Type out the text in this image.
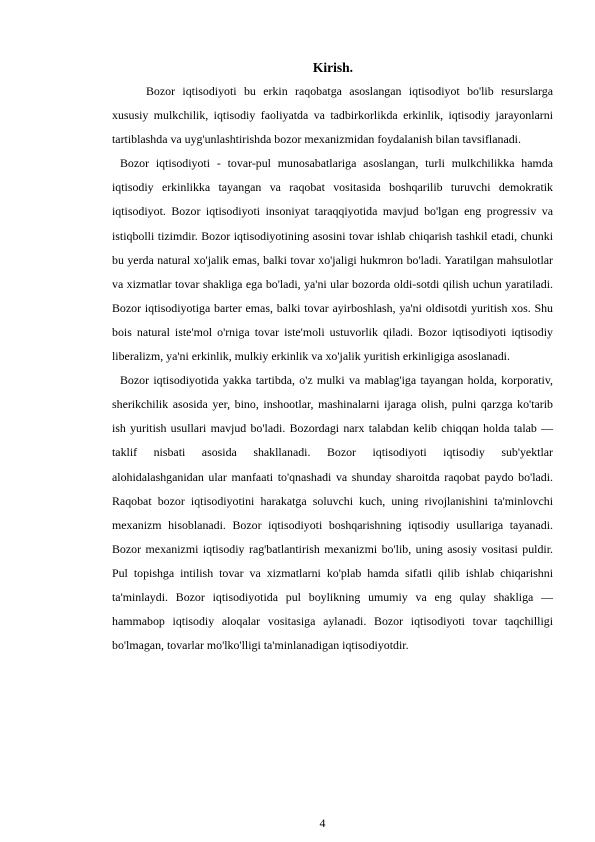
Kirish.

Bozor iqtisodiyoti bu erkin raqobatga asoslangan iqtisodiyot bo'lib resurslarga xususiy mulkchilik, iqtisodiy faoliyatda va tadbirkorlikda erkinlik, iqtisodiy jarayonlarni tartiblashda va uyg'unlashtirishda bozor mexanizmidan foydalanish bilan tavsiflanadi.

Bozor iqtisodiyoti - tovar-pul munosabatlariga asoslangan, turli mulkchilikka hamda iqtisodiy erkinlikka tayangan va raqobat vositasida boshqarilib turuvchi demokratik iqtisodiyot. Bozor iqtisodiyoti insoniyat taraqqiyotida mavjud bo'lgan eng progressiv va istiqbolli tizimdir. Bozor iqtisodiyotining asosini tovar ishlab chiqarish tashkil etadi, chunki bu yerda natural xo'jalik emas, balki tovar xo'jaligi hukmron bo'ladi. Yaratilgan mahsulotlar va xizmatlar tovar shakliga ega bo'ladi, ya'ni ular bozorda oldi-sotdi qilish uchun yaratiladi. Bozor iqtisodiyotiga barter emas, balki tovar ayirboshlash, ya'ni oldisotdi yuritish xos. Shu bois natural iste'mol o'rniga tovar iste'moli ustuvorlik qiladi. Bozor iqtisodiyoti iqtisodiy liberalizm, ya'ni erkinlik, mulkiy erkinlik va xo'jalik yuritish erkinligiga asoslanadi.

Bozor iqtisodiyotida yakka tartibda, o'z mulki va mablag'iga tayangan holda, korporativ, sherikchilik asosida yer, bino, inshootlar, mashinalarni ijaraga olish, pulni qarzga ko'tarib ish yuritish usullari mavjud bo'ladi. Bozordagi narx talabdan kelib chiqqan holda talab — taklif nisbati asosida shakllanadi. Bozor iqtisodiyoti iqtisodiy sub'yektlar alohidalashganidan ular manfaati to'qnashadi va shunday sharoitda raqobat paydo bo'ladi. Raqobat bozor iqtisodiyotini harakatga soluvchi kuch, uning rivojlanishini ta'minlovchi mexanizm hisoblanadi. Bozor iqtisodiyoti boshqarishning iqtisodiy usullariga tayanadi. Bozor mexanizmi iqtisodiy rag'batlantirish mexanizmi bo'lib, uning asosiy vositasi puldir. Pul topishga intilish tovar va xizmatlarni ko'plab hamda sifatli qilib ishlab chiqarishni ta'minlaydi. Bozor iqtisodiyotida pul boylikning umumiy va eng qulay shakliga — hammabop iqtisodiy aloqalar vositasiga aylanadi. Bozor iqtisodiyoti tovar taqchilligi bo'lmagan, tovarlar mo'lko'lligi ta'minlanadigan iqtisodiyotdir.

4
